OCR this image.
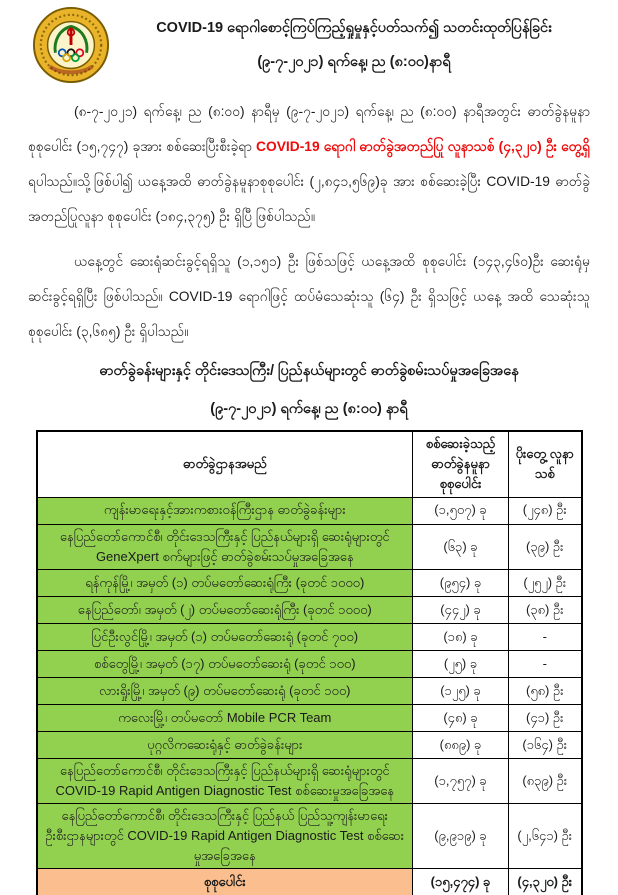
COVID-19 ရောဂါစောင့်ကြပ်ကြည့်ရှုမှုနှင့်ပတ်သက်၍ သတင်းထုတ်ပြန်ခြင်း
(၉-၇-၂၀၂၁) ရက်နေ့၊ ည (၈:၀၀)နာရီ

(၈-၇-၂၀၂၁) ရက်နေ့၊ ည (၈:၀၀) နာရီမှ (၉-၇-၂၀၂၁) ရက်နေ့၊ ည (၈:၀၀) နာရီအတွင်း ဓာတ်ခွဲနမူနာစုစုပေါင်း (၁၅,၇၄၇) ခုအား စစ်ဆေးပြီးစီးခဲ့ရာ COVID-19 ရောဂါ ဓာတ်ခွဲအတည်ပြု လူနာသစ် (၄,၃၂၀) ဦး တွေ့ရှိရပါသည်။သို့ဖြစ်ပါ၍ ယနေ့အထိ ဓာတ်ခွဲနမူနာစုစုပေါင်း (၂,၈၄၁,၅၆၉)ခု အား စစ်ဆေးခဲ့ပြီး COVID-19 ဓာတ်ခွဲအတည်ပြုလူနာ စုစုပေါင်း (၁၈၄,၃၇၅) ဦး ရှိပြီ ဖြစ်ပါသည်။

ယနေ့တွင် ဆေးရုံဆင်းခွင့်ရရှိသူ (၁,၁၅၁) ဦး ဖြစ်သဖြင့် ယနေ့အထိ စုစုပေါင်း (၁၄၃,၄၆၀)ဦး ဆေးရုံမှ ဆင်းခွင့်ရရှိပြီး ဖြစ်ပါသည်။ COVID-19 ရောဂါဖြင့် ထပ်မံသေဆုံးသူ (၆၄) ဦး ရှိသဖြင့် ယနေ့ အထိ သေဆုံးသူစုစုပေါင်း (၃,၆၈၅) ဦး ရှိပါသည်။

ဓာတ်ခွဲခန်းများနှင့် တိုင်းဒေသကြီး/ ပြည်နယ်များတွင် ဓာတ်ခွဲစမ်းသပ်မှုအခြေအနေ
(၉-၇-၂၀၂၁) ရက်နေ့၊ ည (၈:၀၀) နာရီ
ဓာတ်ခွဲဌာနအမည်	စစ်ဆေးခဲ့သည့် ဓာတ်ခွဲနမူနာ စုစုပေါင်း	ပိုးတွေ့ လူနာသစ်
ကျန်းမာရေးနှင့်အားကစားဝန်ကြီးဌာန ဓာတ်ခွဲခန်းများ	(၁,၅၀၇) ခု	(၂၄၈) ဦး
နေပြည်တော်ကောင်စီ၊ တိုင်းဒေသကြီးနှင့် ပြည်နယ်များရှိ ဆေးရုံများတွင် GeneXpert စက်များဖြင့် ဓာတ်ခွဲစမ်းသပ်မှုအခြေအနေ	(၆၃) ခု	(၃၉) ဦး
ရန်ကုန်မြို့၊ အမှတ် (၁) တပ်မတော်ဆေးရုံကြီး (ခုတင် ၁၀၀၀)	(၉၅၄) ခု	(၂၅၂) ဦး
နေပြည်တော်၊ အမှတ် (၂) တပ်မတော်ဆေးရုံကြီး (ခုတင် ၁၀၀၀)	(၄၄၂) ခု	(၃၈) ဦး
ပြင်ဦးလွင်မြို့၊ အမှတ် (၁) တပ်မတော်ဆေးရုံ (ခုတင် ၇၀၀)	(၁၈) ခု	-
စစ်တွေမြို့၊ အမှတ် (၁၇) တပ်မတော်ဆေးရုံ (ခုတင် ၁၀၀)	(၂၅) ခု	-
လားရှိုးမြို့၊ အမှတ် (၉) တပ်မတော်ဆေးရုံ (ခုတင် ၁၀၀)	(၁၂၅) ခု	(၅၈) ဦး
ကလေးမြို့၊ တပ်မတော် Mobile PCR Team	(၄၈) ခု	(၄၁) ဦး
ပုဂ္ဂလိကဆေးရုံနှင့် ဓာတ်ခွဲခန်းများ	(၈၈၉) ခု	(၁၆၄) ဦး
နေပြည်တော်ကောင်စီ၊ တိုင်းဒေသကြီးနှင့် ပြည်နယ်များရှိ ဆေးရုံများတွင် COVID-19 Rapid Antigen Diagnostic Test စစ်ဆေးမှုအခြေအနေ	(၁,၇၅၇) ခု	(၈၃၉) ဦး
နေပြည်တော်ကောင်စီ၊ တိုင်းဒေသကြီးနှင့် ပြည်နယ် ပြည်သူ့ကျန်းမာရေးဦးစီးဌာနများတွင် COVID-19 Rapid Antigen Diagnostic Test စစ်ဆေးမှုအခြေအနေ	(၉,၉၁၉) ခု	(၂,၆၄၁) ဦး
စုစုပေါင်း	(၁၅,၄၇၄) ခု	(၄,၃၂၀) ဦး
